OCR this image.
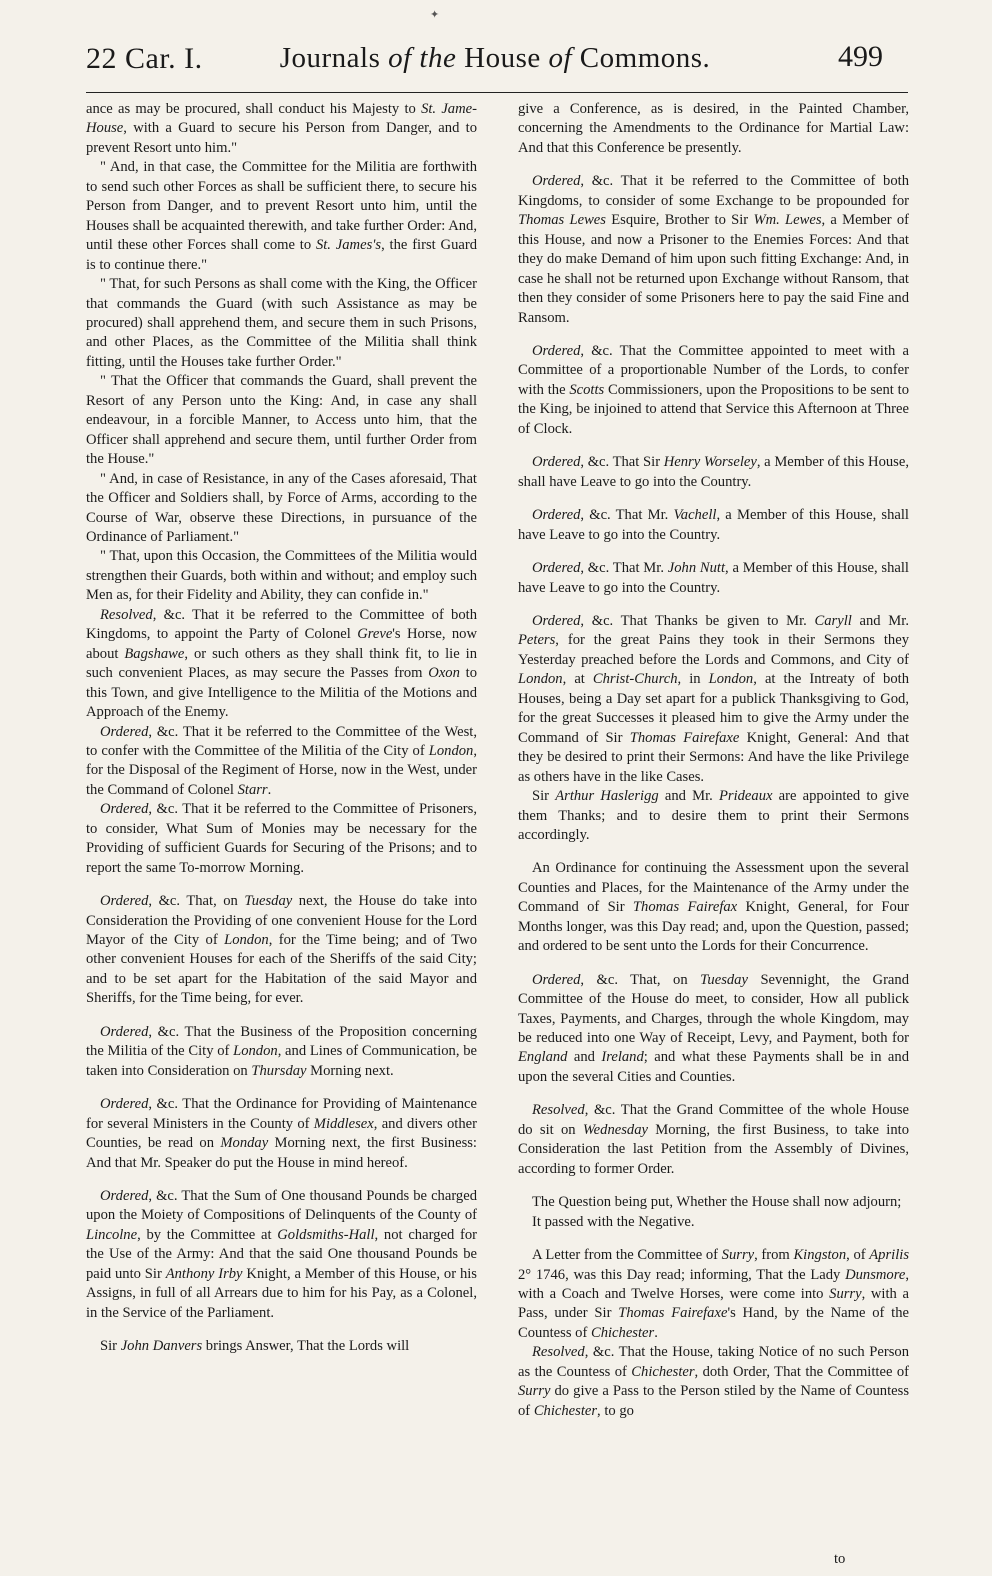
✦
22 Car. I.	Journals of the House of Commons.	499

ance as may be procured, shall conduct his Majesty to St. Jame-House, with a Guard to secure his Person from Danger, and to prevent Resort unto him."

" And, in that case, the Committee for the Militia are forthwith to send such other Forces as shall be sufficient there, to secure his Person from Danger, and to prevent Resort unto him, until the Houses shall be acquainted therewith, and take further Order: And, until these other Forces shall come to St. James's, the first Guard is to continue there."

" That, for such Persons as shall come with the King, the Officer that commands the Guard (with such Assistance as may be procured) shall apprehend them, and secure them in such Prisons, and other Places, as the Committee of the Militia shall think fitting, until the Houses take further Order."

" That the Officer that commands the Guard, shall prevent the Resort of any Person unto the King: And, in case any shall endeavour, in a forcible Manner, to Access unto him, that the Officer shall apprehend and secure them, until further Order from the House."

" And, in case of Resistance, in any of the Cases aforesaid, That the Officer and Soldiers shall, by Force of Arms, according to the Course of War, observe these Directions, in pursuance of the Ordinance of Parliament."

" That, upon this Occasion, the Committees of the Militia would strengthen their Guards, both within and without; and employ such Men as, for their Fidelity and Ability, they can confide in."

Resolved, &c. That it be referred to the Committee of both Kingdoms, to appoint the Party of Colonel Greve's Horse, now about Bagshawe, or such others as they shall think fit, to lie in such convenient Places, as may secure the Passes from Oxon to this Town, and give Intelligence to the Militia of the Motions and Approach of the Enemy.

Ordered, &c. That it be referred to the Committee of the West, to confer with the Committee of the Militia of the City of London, for the Disposal of the Regiment of Horse, now in the West, under the Command of Colonel Starr.

Ordered, &c. That it be referred to the Committee of Prisoners, to consider, What Sum of Monies may be necessary for the Providing of sufficient Guards for Securing of the Prisons; and to report the same To-morrow Morning.

Ordered, &c. That, on Tuesday next, the House do take into Consideration the Providing of one convenient House for the Lord Mayor of the City of London, for the Time being; and of Two other convenient Houses for each of the Sheriffs of the said City; and to be set apart for the Habitation of the said Mayor and Sheriffs, for the Time being, for ever.

Ordered, &c. That the Business of the Proposition concerning the Militia of the City of London, and Lines of Communication, be taken into Consideration on Thursday Morning next.

Ordered, &c. That the Ordinance for Providing of Maintenance for several Ministers in the County of Middlesex, and divers other Counties, be read on Monday Morning next, the first Business: And that Mr. Speaker do put the House in mind hereof.

Ordered, &c. That the Sum of One thousand Pounds be charged upon the Moiety of Compositions of Delinquents of the County of Lincolne, by the Committee at Goldsmiths-Hall, not charged for the Use of the Army: And that the said One thousand Pounds be paid unto Sir Anthony Irby Knight, a Member of this House, or his Assigns, in full of all Arrears due to him for his Pay, as a Colonel, in the Service of the Parliament.

Sir John Danvers brings Answer, That the Lords will

give a Conference, as is desired, in the Painted Chamber, concerning the Amendments to the Ordinance for Martial Law: And that this Conference be presently.

Ordered, &c. That it be referred to the Committee of both Kingdoms, to consider of some Exchange to be propounded for Thomas Lewes Esquire, Brother to Sir Wm. Lewes, a Member of this House, and now a Prisoner to the Enemies Forces: And that they do make Demand of him upon such fitting Exchange: And, in case he shall not be returned upon Exchange without Ransom, that then they consider of some Prisoners here to pay the said Fine and Ransom.

Ordered, &c. That the Committee appointed to meet with a Committee of a proportionable Number of the Lords, to confer with the Scotts Commissioners, upon the Propositions to be sent to the King, be injoined to attend that Service this Afternoon at Three of Clock.

Ordered, &c. That Sir Henry Worseley, a Member of this House, shall have Leave to go into the Country.

Ordered, &c. That Mr. Vachell, a Member of this House, shall have Leave to go into the Country.

Ordered, &c. That Mr. John Nutt, a Member of this House, shall have Leave to go into the Country.

Ordered, &c. That Thanks be given to Mr. Caryll and Mr. Peters, for the great Pains they took in their Sermons they Yesterday preached before the Lords and Commons, and City of London, at Christ-Church, in London, at the Intreaty of both Houses, being a Day set apart for a publick Thanksgiving to God, for the great Successes it pleased him to give the Army under the Command of Sir Thomas Fairefaxe Knight, General: And that they be desired to print their Sermons: And have the like Privilege as others have in the like Cases.

Sir Arthur Haslerigg and Mr. Prideaux are appointed to give them Thanks; and to desire them to print their Sermons accordingly.

An Ordinance for continuing the Assessment upon the several Counties and Places, for the Maintenance of the Army under the Command of Sir Thomas Fairefax Knight, General, for Four Months longer, was this Day read; and, upon the Question, passed; and ordered to be sent unto the Lords for their Concurrence.

Ordered, &c. That, on Tuesday Sevennight, the Grand Committee of the House do meet, to consider, How all publick Taxes, Payments, and Charges, through the whole Kingdom, may be reduced into one Way of Receipt, Levy, and Payment, both for England and Ireland; and what these Payments shall be in and upon the several Cities and Counties.

Resolved, &c. That the Grand Committee of the whole House do sit on Wednesday Morning, the first Business, to take into Consideration the last Petition from the Assembly of Divines, according to former Order.

The Question being put, Whether the House shall now adjourn;

It passed with the Negative.

A Letter from the Committee of Surry, from Kingston, of Aprilis 2° 1746, was this Day read; informing, That the Lady Dunsmore, with a Coach and Twelve Horses, were come into Surry, with a Pass, under Sir Thomas Fairefaxe's Hand, by the Name of the Countess of Chichester.

Resolved, &c. That the House, taking Notice of no such Person as the Countess of Chichester, doth Order, That the Committee of Surry do give a Pass to the Person stiled by the Name of Countess of Chichester, to go

to
